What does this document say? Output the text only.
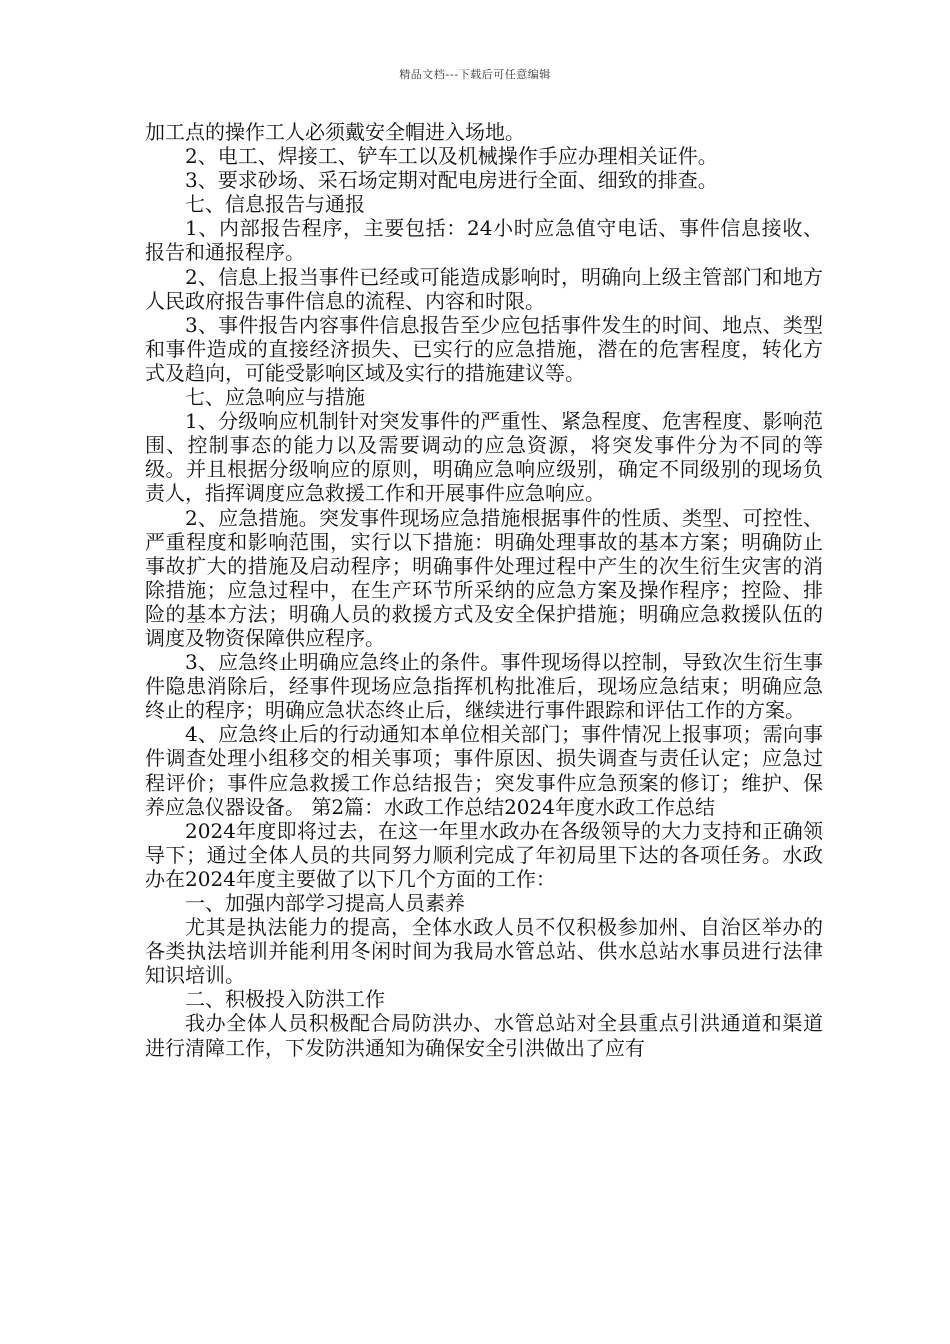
精品文档---下载后可任意编辑

加工点的操作工人必须戴安全帽进入场地。

2、电工、焊接工、铲车工以及机械操作手应办理相关证件。

3、要求砂场、采石场定期对配电房进行全面、细致的排查。

七、信息报告与通报

1、内部报告程序，主要包括：24小时应急值守电话、事件信息接收、报告和通报程序。

2、信息上报当事件已经或可能造成影响时，明确向上级主管部门和地方人民政府报告事件信息的流程、内容和时限。

3、事件报告内容事件信息报告至少应包括事件发生的时间、地点、类型和事件造成的直接经济损失、已实行的应急措施，潜在的危害程度，转化方式及趋向，可能受影响区域及实行的措施建议等。

七、应急响应与措施

1、分级响应机制针对突发事件的严重性、紧急程度、危害程度、影响范围、控制事态的能力以及需要调动的应急资源，将突发事件分为不同的等级。并且根据分级响应的原则，明确应急响应级别，确定不同级别的现场负责人，指挥调度应急救援工作和开展事件应急响应。

2、应急措施。突发事件现场应急措施根据事件的性质、类型、可控性、严重程度和影响范围，实行以下措施：明确处理事故的基本方案；明确防止事故扩大的措施及启动程序；明确事件处理过程中产生的次生衍生灾害的消除措施；应急过程中，在生产环节所采纳的应急方案及操作程序；控险、排险的基本方法；明确人员的救援方式及安全保护措施；明确应急救援队伍的调度及物资保障供应程序。

3、应急终止明确应急终止的条件。事件现场得以控制，导致次生衍生事件隐患消除后，经事件现场应急指挥机构批准后，现场应急结束；明确应急终止的程序；明确应急状态终止后，继续进行事件跟踪和评估工作的方案。

4、应急终止后的行动通知本单位相关部门；事件情况上报事项；需向事件调查处理小组移交的相关事项；事件原因、损失调查与责任认定；应急过程评价；事件应急救援工作总结报告；突发事件应急预案的修订；维护、保养应急仪器设备。 第2篇：水政工作总结2024年度水政工作总结

2024年度即将过去，在这一年里水政办在各级领导的大力支持和正确领导下；通过全体人员的共同努力顺利完成了年初局里下达的各项任务。水政办在2024年度主要做了以下几个方面的工作：

一、加强内部学习提高人员素养

尤其是执法能力的提高，全体水政人员不仅积极参加州、自治区举办的各类执法培训并能利用冬闲时间为我局水管总站、供水总站水事员进行法律知识培训。

二、积极投入防洪工作

我办全体人员积极配合局防洪办、水管总站对全县重点引洪通道和渠道进行清障工作，下发防洪通知为确保安全引洪做出了应有
